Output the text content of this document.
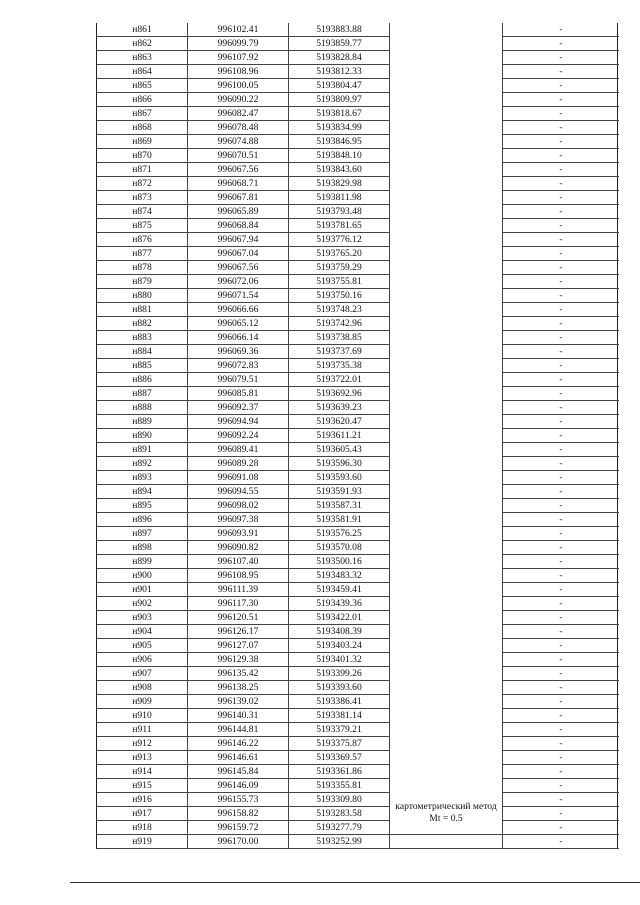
н861	996102.41	5193883.88		-
н862	996099.79	5193859.77		-
н863	996107.92	5193828.84		-
н864	996108.96	5193812.33		-
н865	996100.05	5193804.47		-
н866	996090.22	5193809.97		-
н867	996082.47	5193818.67		-
н868	996078.48	5193834.99		-
н869	996074.88	5193846.95		-
н870	996070.51	5193848.10		-
н871	996067.56	5193843.60		-
н872	996068.71	5193829.98		-
н873	996067.81	5193811.98		-
н874	996065.89	5193793.48		-
н875	996068.84	5193781.65		-
н876	996067.94	5193776.12		-
н877	996067.04	5193765.20		-
н878	996067.56	5193759.29		-
н879	996072.06	5193755.81		-
н880	996071.54	5193750.16		-
н881	996066.66	5193748.23		-
н882	996065.12	5193742.96		-
н883	996066.14	5193738.85		-
н884	996069.36	5193737.69		-
н885	996072.83	5193735.38		-
н886	996079.51	5193722.01		-
н887	996085.81	5193692.96		-
н888	996092.37	5193639.23		-
н889	996094.94	5193620.47		-
н890	996092.24	5193611.21		-
н891	996089.41	5193605.43		-
н892	996089.28	5193596.30		-
н893	996091.08	5193593.60		-
н894	996094.55	5193591.93		-
н895	996098.02	5193587.31		-
н896	996097.38	5193581.91		-
н897	996093.91	5193576.25		-
н898	996090.82	5193570.08		-
н899	996107.40	5193500.16		-
н900	996108.95	5193483.32		-
н901	996111.39	5193459.41		-
н902	996117.30	5193439.36		-
н903	996120.51	5193422.01		-
н904	996126.17	5193408.39		-
н905	996127.07	5193403.24		-
н906	996129.38	5193401.32		-
н907	996135.42	5193399.26		-
н908	996138.25	5193393.60		-
н909	996139.02	5193386.41		-
н910	996140.31	5193381.14		-
н911	996144.81	5193379.21		-
н912	996146.22	5193375.87		-
н913	996146.61	5193369.57		-
н914	996145.84	5193361.86		-
н915	996146.09	5193355.81		-
н916	996155.73	5193309.80	картометрический метод Mt = 0.5	-
н917	996158.82	5193283.58		-
н918	996159.72	5193277.79		-
н919	996170.00	5193252.99		-
